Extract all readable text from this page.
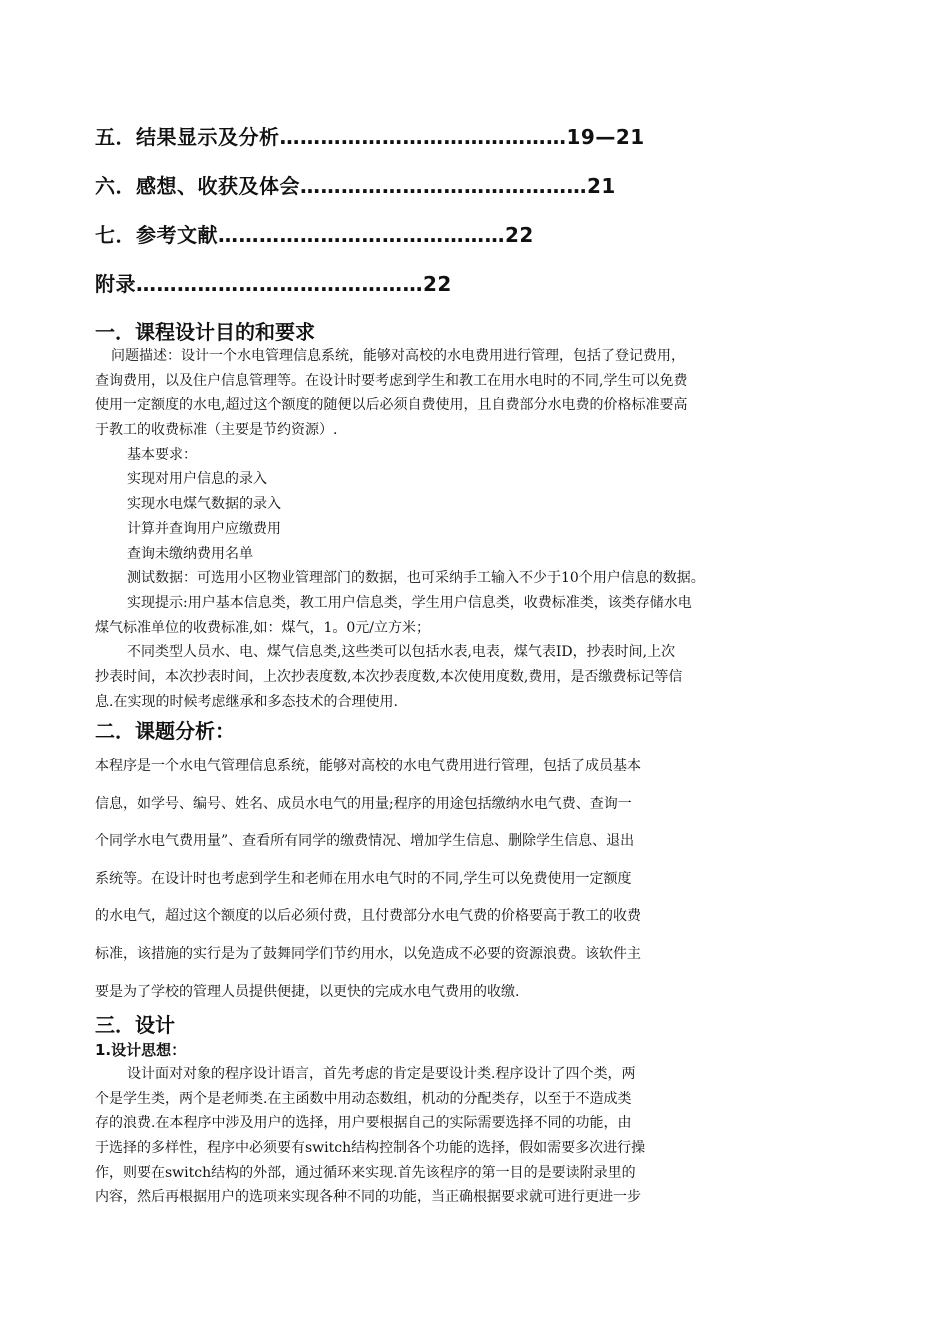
五．结果显示及分析……………………………………19—21
六．感想、收获及体会……………………………………21
七．参考文献……………………………………22
附录……………………………………22
一．课程设计目的和要求
问题描述：设计一个水电管理信息系统，能够对高校的水电费用进行管理，包括了登记费用，
查询费用，以及住户信息管理等。在设计时要考虑到学生和教工在用水电时的不同,学生可以免费
使用一定额度的水电,超过这个额度的随便以后必须自费使用，且自费部分水电费的价格标准要高
于教工的收费标准（主要是节约资源）.
基本要求：
实现对用户信息的录入
实现水电煤气数据的录入
计算并查询用户应缴费用
查询未缴纳费用名单
测试数据：可选用小区物业管理部门的数据，也可采纳手工输入不少于10个用户信息的数据。
实现提示:用户基本信息类，教工用户信息类，学生用户信息类，收费标准类，该类存储水电
煤气标准单位的收费标准,如：煤气，1。0元/立方米；
不同类型人员水、电、煤气信息类,这些类可以包括水表,电表，煤气表ID，抄表时间,上次
抄表时间，本次抄表时间，上次抄表度数,本次抄表度数,本次使用度数,费用，是否缴费标记等信
息.在实现的时候考虑继承和多态技术的合理使用.
二．课题分析：
本程序是一个水电气管理信息系统，能够对高校的水电气费用进行管理，包括了成员基本
信息，如学号、编号、姓名、成员水电气的用量;程序的用途包括缴纳水电气费、查询一
个同学水电气费用量”、查看所有同学的缴费情况、增加学生信息、删除学生信息、退出
系统等。在设计时也考虑到学生和老师在用水电气时的不同,学生可以免费使用一定额度
的水电气，超过这个额度的以后必须付费，且付费部分水电气费的价格要高于教工的收费
标准，该措施的实行是为了鼓舞同学们节约用水，以免造成不必要的资源浪费。该软件主
要是为了学校的管理人员提供便捷，以更快的完成水电气费用的收缴.
三．设计
1.设计思想：
设计面对对象的程序设计语言，首先考虑的肯定是要设计类.程序设计了四个类，两
个是学生类，两个是老师类.在主函数中用动态数组，机动的分配类存，以至于不造成类
存的浪费.在本程序中涉及用户的选择，用户要根据自己的实际需要选择不同的功能，由
于选择的多样性，程序中必须要有switch结构控制各个功能的选择，假如需要多次进行操
作，则要在switch结构的外部，通过循环来实现.首先该程序的第一目的是要读附录里的
内容，然后再根据用户的选项来实现各种不同的功能，当正确根据要求就可进行更进一步
